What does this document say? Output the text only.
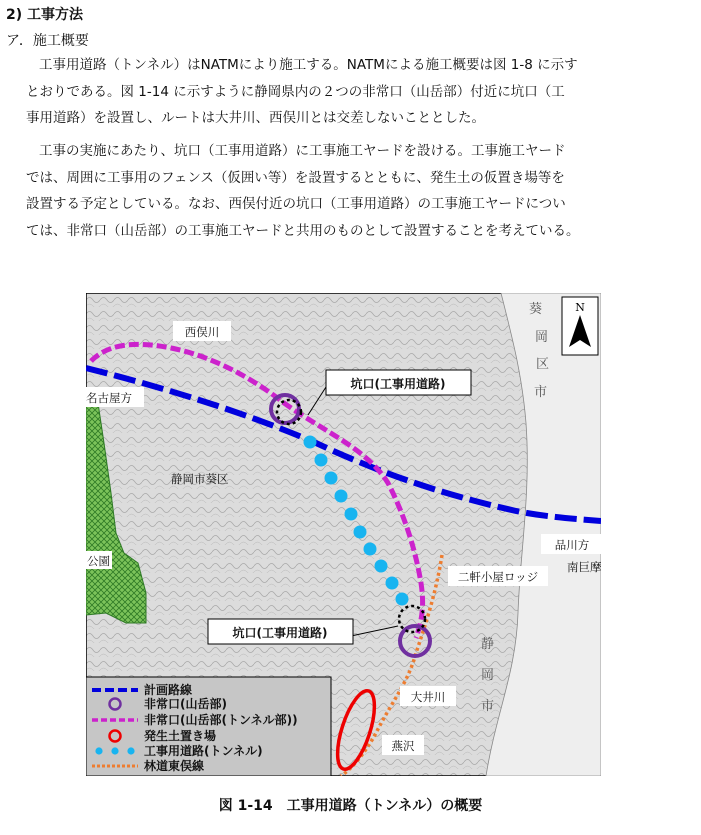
2) 工事方法
ア．施工概要
工事用道路（トンネル）はNATMにより施工する。NATMによる施工概要は図 1-8 に示す
とおりである。図 1-14 に示すように静岡県内の２つの非常口（山岳部）付近に坑口（工
事用道路）を設置し、ルートは大井川、西俣川とは交差しないこととした。
工事の実施にあたり、坑口（工事用道路）に工事施工ヤードを設ける。工事施工ヤード
では、周囲に工事用のフェンス（仮囲い等）を設置するとともに、発生土の仮置き場等を
設置する予定としている。なお、西俣付近の坑口（工事用道路）の工事施工ヤードについ
ては、非常口（山岳部）の工事施工ヤードと共用のものとして設置することを考えている。
葵
岡
区
市
静
岡
市
N
坑口(工事用道路)
坑口(工事用道路)
西俣川
名古屋方
静岡市葵区
公園
品川方
南巨摩
二軒小屋ロッジ
大井川
燕沢
計画路線
非常口(山岳部)
非常口(山岳部(トンネル部))
発生土置き場
工事用道路(トンネル)
林道東俣線
図 1-14　工事用道路（トンネル）の概要
